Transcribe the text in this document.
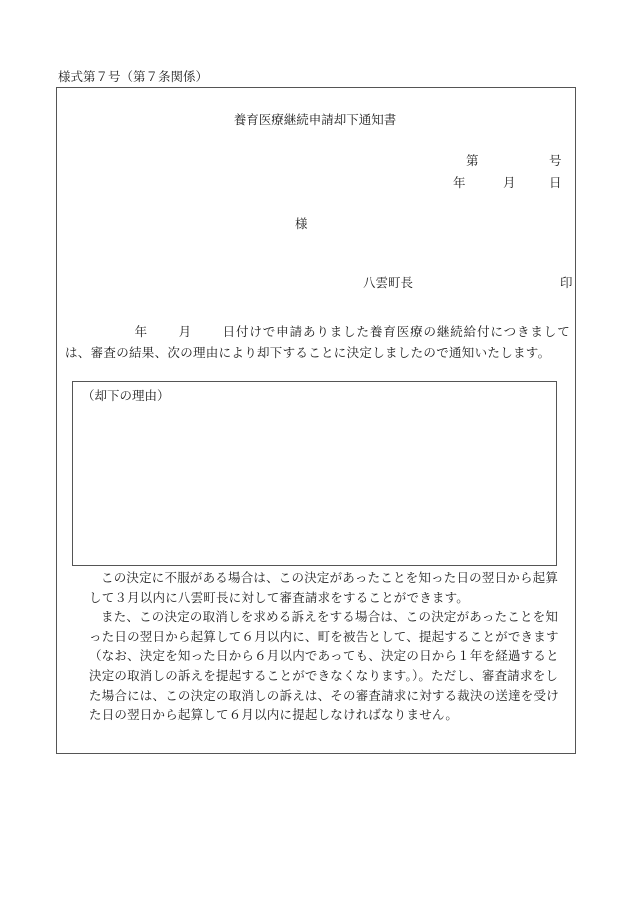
様式第７号（第７条関係）
養育医療継続申請却下通知書
第	号
年	月	日
様
八雲町長	印
年 月 日付けで申請ありました養育医療の継続給付につきましては、審査の結果、次の理由により却下することに決定しましたので通知いたします。
（却下の理由）

この決定に不服がある場合は、この決定があったことを知った日の翌日から起算して３月以内に八雲町長に対して審査請求をすることができます。

また、この決定の取消しを求める訴えをする場合は、この決定があったことを知った日の翌日から起算して６月以内に、町を被告として、提起することができます（なお、決定を知った日から６月以内であっても、決定の日から１年を経過すると決定の取消しの訴えを提起することができなくなります。）。ただし、審査請求をした場合には、この決定の取消しの訴えは、その審査請求に対する裁決の送達を受けた日の翌日から起算して６月以内に提起しなければなりません。
